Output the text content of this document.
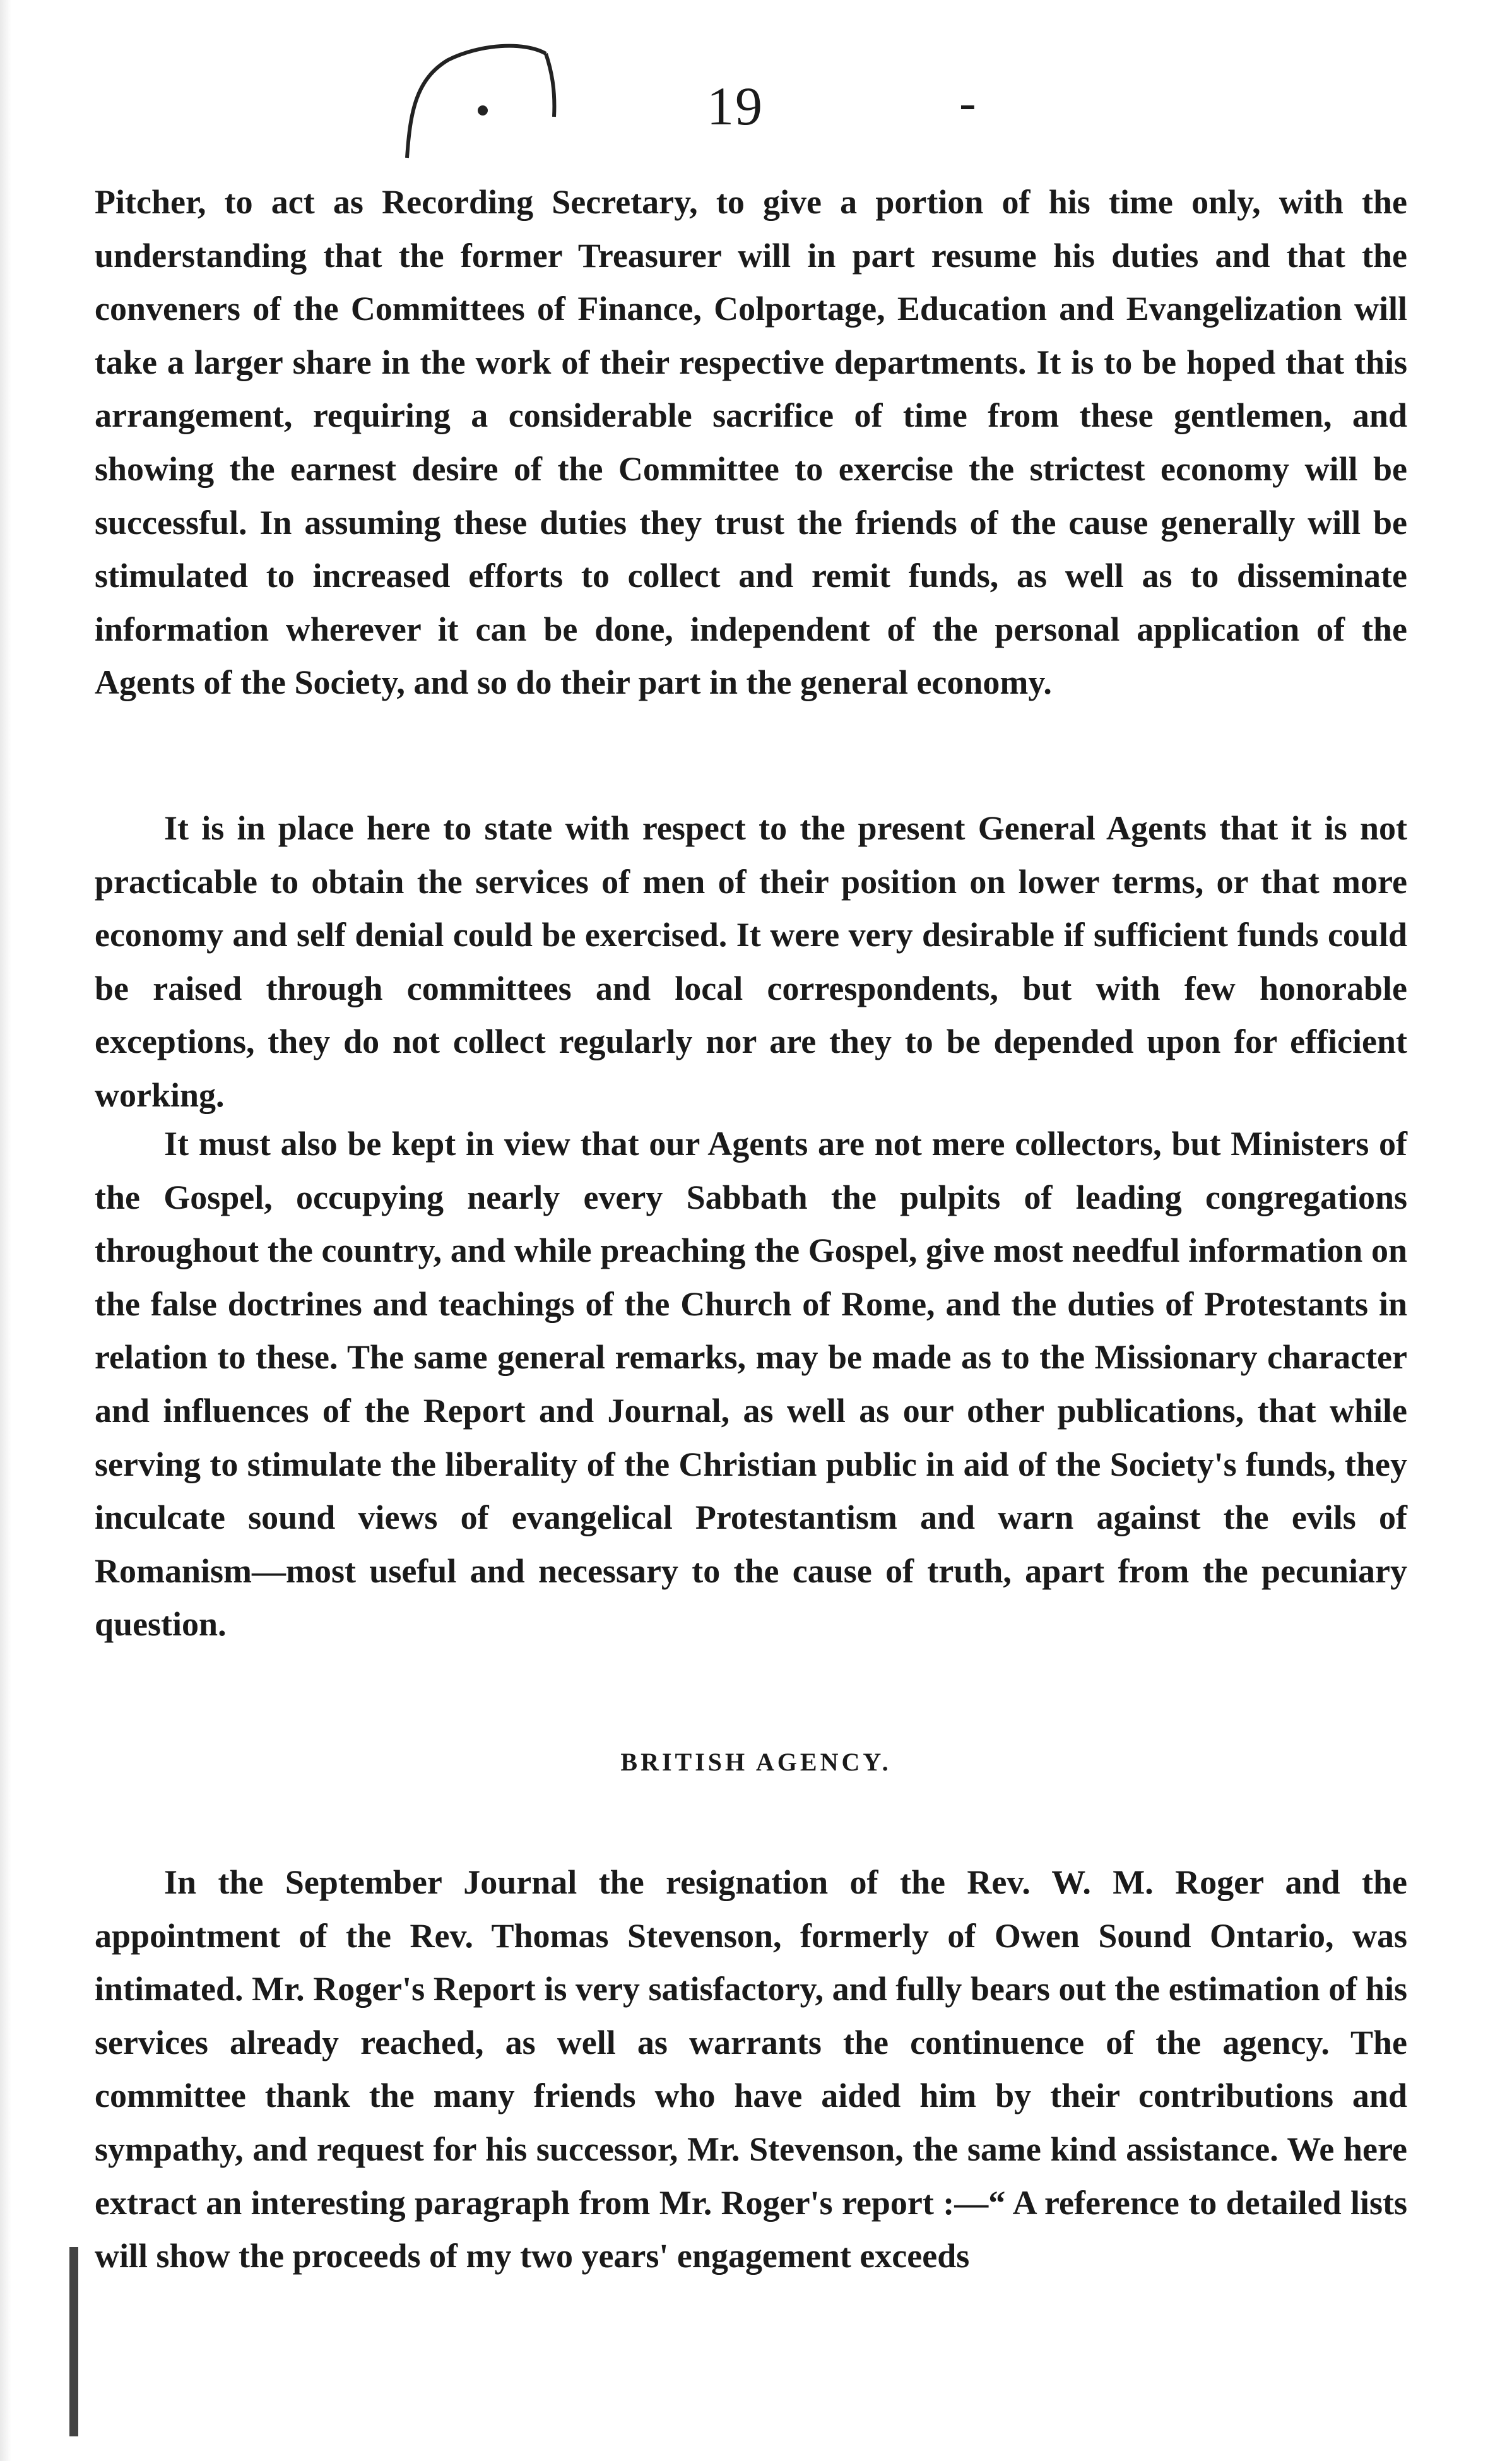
19	-

Pitcher, to act as Recording Secretary, to give a portion of his time only, with the understanding that the former Treasurer will in part resume his duties and that the conveners of the Committees of Finance, Colportage, Education and Evangelization will take a larger share in the work of their respective departments. It is to be hoped that this arrangement, requiring a considerable sacrifice of time from these gentlemen, and showing the earnest desire of the Committee to exercise the strictest economy will be successful. In assuming these duties they trust the friends of the cause generally will be stimulated to increased efforts to collect and remit funds, as well as to disseminate information wherever it can be done, independent of the personal application of the Agents of the Society, and so do their part in the general economy.

It is in place here to state with respect to the present General Agents that it is not practicable to obtain the services of men of their position on lower terms, or that more economy and self denial could be exercised. It were very desirable if sufficient funds could be raised through committees and local correspondents, but with few honorable exceptions, they do not collect regularly nor are they to be depended upon for efficient working.

It must also be kept in view that our Agents are not mere collectors, but Ministers of the Gospel, occupying nearly every Sabbath the pulpits of leading congregations throughout the country, and while preaching the Gospel, give most needful information on the false doctrines and teachings of the Church of Rome, and the duties of Protestants in relation to these. The same general remarks, may be made as to the Missionary character and influences of the Report and Journal, as well as our other publications, that while serving to stimulate the liberality of the Christian public in aid of the Society's funds, they inculcate sound views of evangelical Protestantism and warn against the evils of Romanism—most useful and necessary to the cause of truth, apart from the pecuniary question.

BRITISH AGENCY.

In the September Journal the resignation of the Rev. W. M. Roger and the appointment of the Rev. Thomas Stevenson, formerly of Owen Sound Ontario, was intimated. Mr. Roger's Report is very satisfactory, and fully bears out the estimation of his services already reached, as well as warrants the continuence of the agency. The committee thank the many friends who have aided him by their contributions and sympathy, and request for his successor, Mr. Stevenson, the same kind assistance. We here extract an interesting paragraph from Mr. Roger's report :—“ A reference to detailed lists will show the proceeds of my two years' engagement exceeds
